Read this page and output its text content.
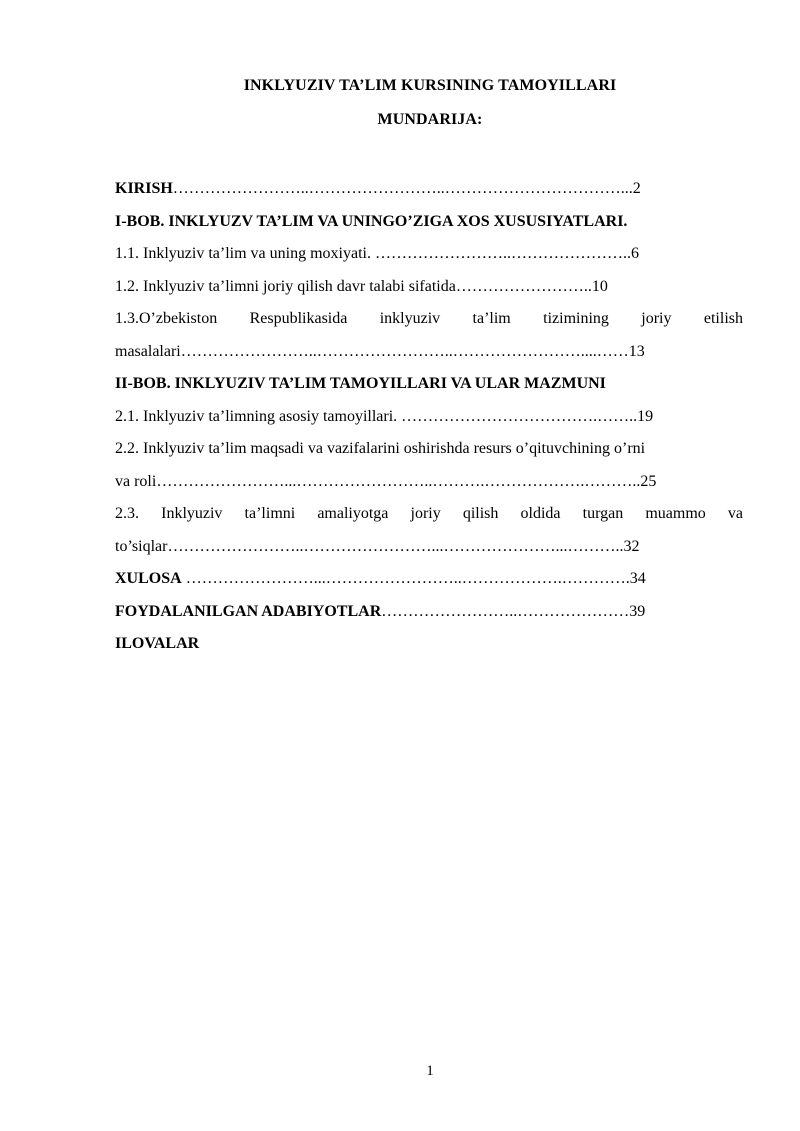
INKLYUZIV TA’LIM KURSINING TAMOYILLARI
MUNDARIJA:
KIRISH……………………..……………………..……………………………...2
I-BOB. INKLYUZV TA’LIM VA UNINGO’ZIGA XOS XUSUSIYATLARI.
1.1. Inklyuziv ta’lim va uning moxiyati. ……………………..…………………..6
1.2. Inklyuziv ta’limni joriy qilish davr talabi sifatida……………………..10
1.3.O’zbekiston Respublikasida inklyuziv ta’lim tizimining joriy etilish
masalalari……………………..……………………..……………………....……13
II-BOB. INKLYUZIV TA’LIM TAMOYILLARI VA ULAR MAZMUNI
2.1. Inklyuziv ta’limning asosiy tamoyillari. ……………………………….……..19
2.2. Inklyuziv ta’lim maqsadi va vazifalarini oshirishda resurs o’qituvchining o’rni
va roli……………………...……………………..……….……………….………..25
2.3. Inklyuziv ta’limni amaliyotga joriy qilish oldida turgan muammo va
to’siqlar……………………..……………………...…………………...………..32
XULOSA ……………………...……………………..……………….………….34
FOYDALANILGAN ADABIYOTLAR……………………..…………………39
ILOVALAR
1
